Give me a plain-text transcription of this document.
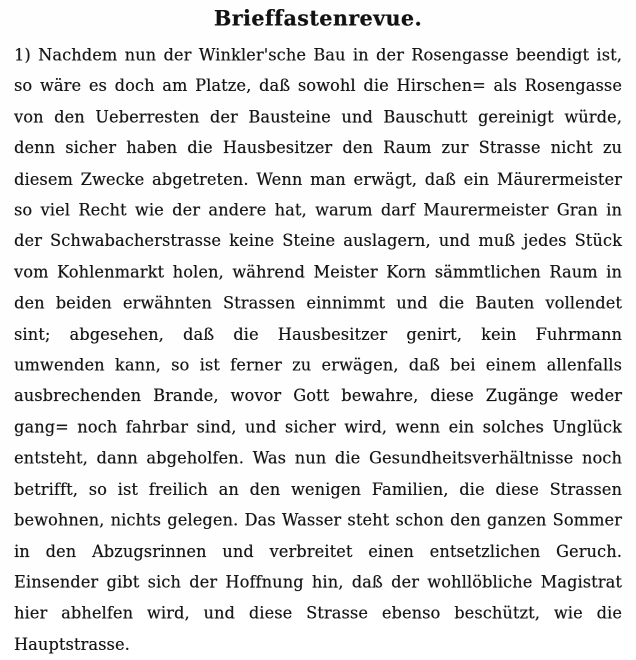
Brieffastenrevue.
1) Nachdem nun der Winkler'sche Bau in der Rosengasse beendigt ist, so wäre es doch am Platze, daß sowohl die Hirschen= als Rosengasse von den Ueberresten der Bausteine und Bauschutt gereinigt würde, denn sicher haben die Hausbesitzer den Raum zur Strasse nicht zu diesem Zwecke abgetreten. Wenn man erwägt, daß ein Mäurermeister so viel Recht wie der andere hat, warum darf Maurermeister Gran in der Schwabacherstrasse keine Steine auslagern, und muß jedes Stück vom Kohlenmarkt holen, während Meister Korn sämmtlichen Raum in den beiden erwähnten Strassen einnimmt und die Bauten vollendet sint; abgesehen, daß die Hausbesitzer genirt, kein Fuhrmann umwenden kann, so ist ferner zu erwägen, daß bei einem allenfalls ausbrechenden Brande, wovor Gott bewahre, diese Zugänge weder gang= noch fahrbar sind, und sicher wird, wenn ein solches Unglück entsteht, dann abgeholfen. Was nun die Gesundheitsverhältnisse noch betrifft, so ist freilich an den wenigen Familien, die diese Strassen bewohnen, nichts gelegen. Das Wasser steht schon den ganzen Sommer in den Abzugsrinnen und verbreitet einen entsetzlichen Geruch. Einsender gibt sich der Hoffnung hin, daß der wohllöbliche Magistrat hier abhelfen wird, und diese Strasse ebenso beschützt, wie die Hauptstrasse.
